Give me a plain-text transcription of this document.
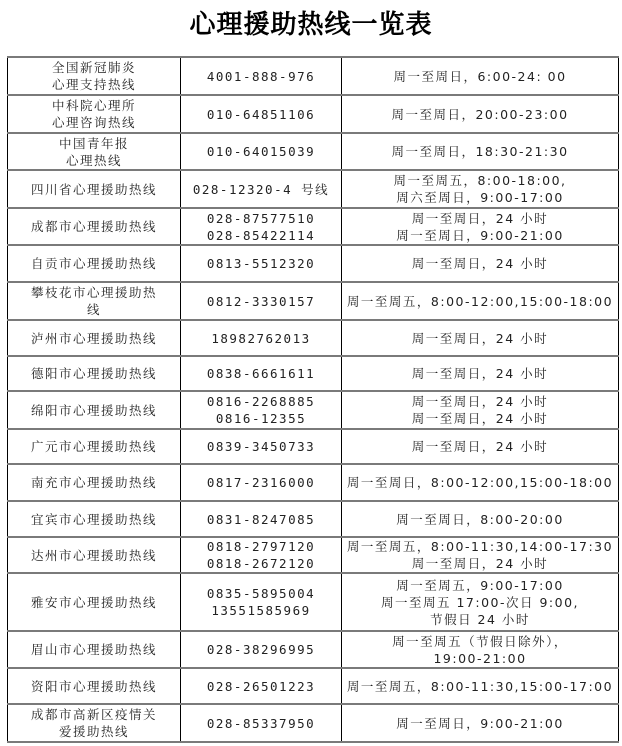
心理援助热线一览表
全国新冠肺炎
心理支持热线	4001-888-976	周一至周日，6:00-24: 00

中科院心理所
心理咨询热线	010-64851106	周一至周日，20:00-23:00

中国青年报
心理热线	010-64015039	周一至周日，18:30-21:30

四川省心理援助热线	028-12320-4 号线	周一至周五，8:00-18:00,
周六至周日，9:00-17:00

成都市心理援助热线	028-87577510
028-85422114	周一至周日，24 小时
周一至周日，9:00-21:00

自贡市心理援助热线	0813-5512320	周一至周日，24 小时

攀枝花市心理援助热
线	0812-3330157	周一至周五，8:00-12:00,15:00-18:00

泸州市心理援助热线	18982762013	周一至周日，24 小时

德阳市心理援助热线	0838-6661611	周一至周日，24 小时

绵阳市心理援助热线	0816-2268885
0816-12355	周一至周日，24 小时
周一至周日，24 小时

广元市心理援助热线	0839-3450733	周一至周日，24 小时

南充市心理援助热线	0817-2316000	周一至周日，8:00-12:00,15:00-18:00

宜宾市心理援助热线	0831-8247085	周一至周日，8:00-20:00

达州市心理援助热线	0818-2797120
0818-2672120	周一至周五，8:00-11:30,14:00-17:30
周一至周日，24 小时

雅安市心理援助热线	0835-5895004
13551585969	周一至周五，9:00-17:00
周一至周五 17:00-次日 9:00,
节假日 24 小时

眉山市心理援助热线	028-38296995	周一至周五（节假日除外），
19:00-21:00

资阳市心理援助热线	028-26501223	周一至周五，8:00-11:30,15:00-17:00

成都市高新区疫情关
爱援助热线	028-85337950	周一至周日，9:00-21:00
